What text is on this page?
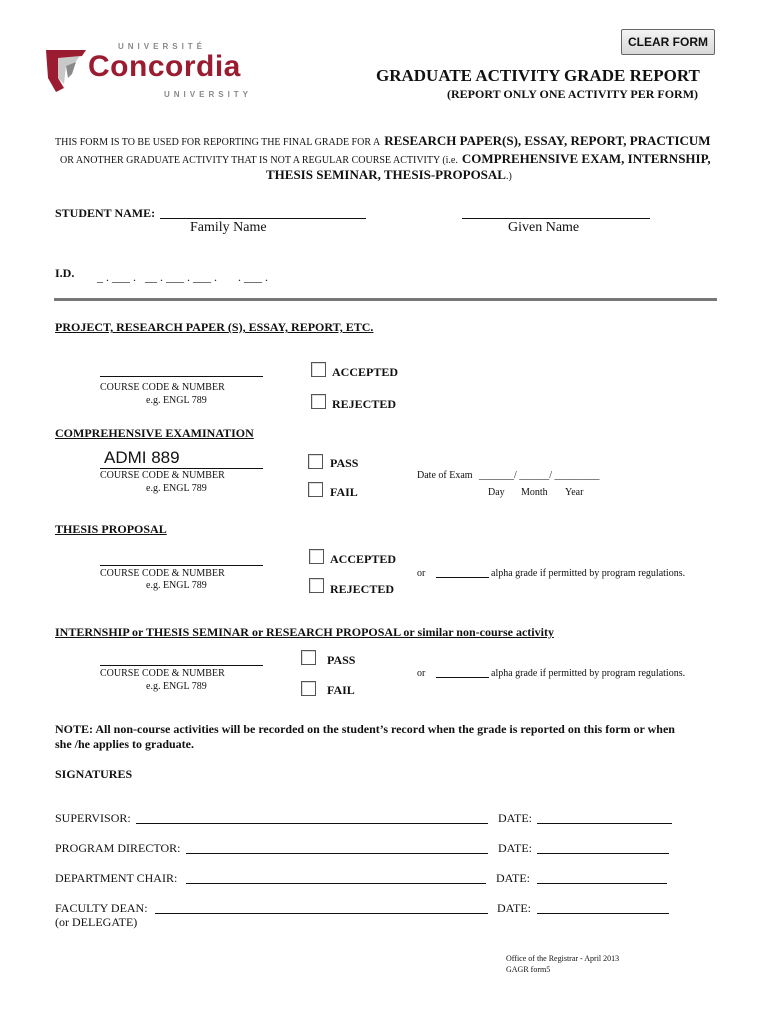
CLEAR FORM
UNIVERSITÉ
Concordia
UNIVERSITY
GRADUATE ACTIVITY GRADE REPORT
(REPORT ONLY ONE ACTIVITY PER FORM)
THIS FORM IS TO BE USED FOR REPORTING THE FINAL GRADE FOR A RESEARCH PAPER(S), ESSAY, REPORT, PRACTICUM
OR ANOTHER GRADUATE ACTIVITY THAT IS NOT A REGULAR COURSE ACTIVITY (i.e. COMPREHENSIVE EXAM, INTERNSHIP,
THESIS SEMINAR, THESIS-PROPOSAL.)
STUDENT NAME:
Family Name	Given Name
I.D. _ . ___ .   __ . ___ . ___ .       . ___ .
PROJECT, RESEARCH PAPER (S), ESSAY, REPORT, ETC.
COURSE CODE & NUMBER
e.g. ENGL 789
ACCEPTED
REJECTED
COMPREHENSIVE EXAMINATION
ADMI 889
COURSE CODE & NUMBER
e.g. ENGL 789
PASS
FAIL
Date of Exam _______/ ______/ _________
Day Month Year
THESIS PROPOSAL
COURSE CODE & NUMBER
e.g. ENGL 789
ACCEPTED
REJECTED
or	alpha grade if permitted by program regulations.
INTERNSHIP or THESIS SEMINAR or RESEARCH PROPOSAL or similar non-course activity
COURSE CODE & NUMBER
e.g. ENGL 789
PASS
FAIL
or	alpha grade if permitted by program regulations.
NOTE: All non-course activities will be recorded on the student’s record when the grade is reported on this form or when
she /he applies to graduate.
SIGNATURES
SUPERVISOR:	DATE:
PROGRAM DIRECTOR:	DATE:
DEPARTMENT CHAIR:	DATE:
FACULTY DEAN:	DATE:
(or DELEGATE)
Office of the Registrar - April 2013
GAGR form5
